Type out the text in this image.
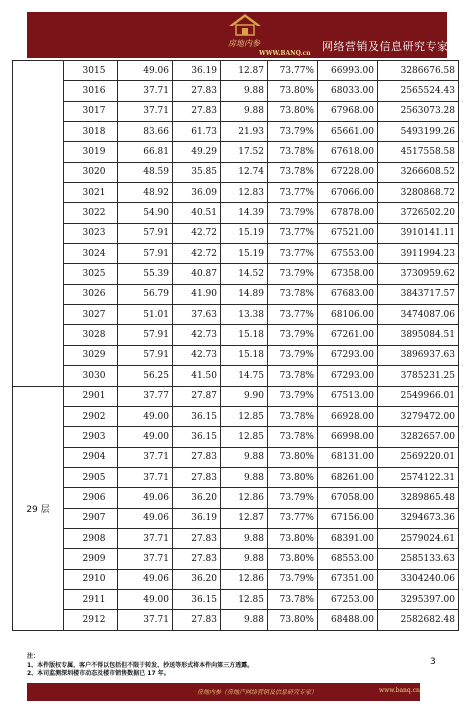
房地内参
WWW.BANQ.cn
网络营销及信息研究专家
	3015	49.06	36.19	12.87	73.77%	66993.00	3286676.58
	3016	37.71	27.83	9.88	73.80%	68033.00	2565524.43
	3017	37.71	27.83	9.88	73.80%	67968.00	2563073.28
	3018	83.66	61.73	21.93	73.79%	65661.00	5493199.26
	3019	66.81	49.29	17.52	73.78%	67618.00	4517558.58
	3020	48.59	35.85	12.74	73.78%	67228.00	3266608.52
	3021	48.92	36.09	12.83	73.77%	67066.00	3280868.72
	3022	54.90	40.51	14.39	73.79%	67878.00	3726502.20
	3023	57.91	42.72	15.19	73.77%	67521.00	3910141.11
	3024	57.91	42.72	15.19	73.77%	67553.00	3911994.23
	3025	55.39	40.87	14.52	73.79%	67358.00	3730959.62
	3026	56.79	41.90	14.89	73.78%	67683.00	3843717.57
	3027	51.01	37.63	13.38	73.77%	68106.00	3474087.06
	3028	57.91	42.73	15.18	73.79%	67261.00	3895084.51
	3029	57.91	42.73	15.18	73.79%	67293.00	3896937.63
	3030	56.25	41.50	14.75	73.78%	67293.00	3785231.25
29 层	2901	37.77	27.87	9.90	73.79%	67513.00	2549966.01
	2902	49.00	36.15	12.85	73.78%	66928.00	3279472.00
	2903	49.00	36.15	12.85	73.78%	66998.00	3282657.00
	2904	37.71	27.83	9.88	73.80%	68131.00	2569220.01
	2905	37.71	27.83	9.88	73.80%	68261.00	2574122.31
	2906	49.06	36.20	12.86	73.79%	67058.00	3289865.48
	2907	49.06	36.19	12.87	73.77%	67156.00	3294673.36
	2908	37.71	27.83	9.88	73.80%	68391.00	2579024.61
	2909	37.71	27.83	9.88	73.80%	68553.00	2585133.63
	2910	49.06	36.20	12.86	73.79%	67351.00	3304240.06
	2911	49.00	36.15	12.85	73.78%	67253.00	3295397.00
	2912	37.71	27.83	9.88	73.80%	68488.00	2582682.48
3
注：
1、本件版权专属，客户不得以包括但不限于转发、抄送等形式将本件向第三方透露。
2、本司监测深圳楼市动态及楼市销售数据已 17 年。
房地内参（房地产网络营销及信息研究专家）	www.banq.cn
